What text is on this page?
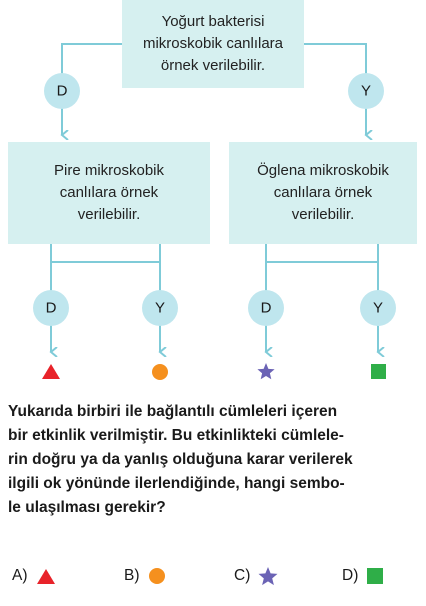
D	Y
D	Y	D	Y
Yoğurt bakterisi
mikroskobik canlılara
örnek verilebilir.
Pire mikroskobik
canlılara örnek
verilebilir.
Öglena mikroskobik
canlılara örnek
verilebilir.
Yukarıda birbiri ile bağlantılı cümleleri içeren
bir etkinlik verilmiştir. Bu etkinlikteki cümlele-
rin doğru ya da yanlış olduğuna karar verilerek
ilgili ok yönünde ilerlendiğinde, hangi sembo-
le ulaşılması gerekir?
A)	B)	C)	D)
